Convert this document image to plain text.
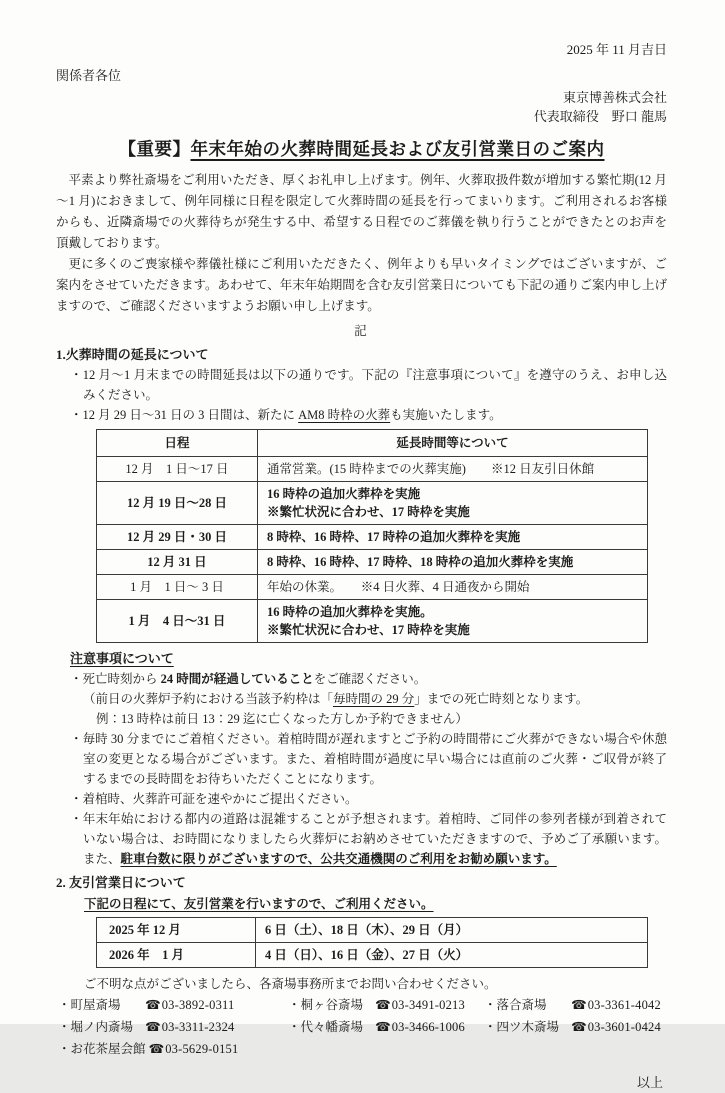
2025 年 11 月吉日
関係者各位
東京博善株式会社
代表取締役　野口 龍馬
【重要】年末年始の火葬時間延長および友引営業日のご案内

平素より弊社斎場をご利用いただき、厚くお礼申し上げます。例年、火葬取扱件数が増加する繁忙期(12 月～1 月)におきまして、例年同様に日程を限定して火葬時間の延長を行ってまいります。ご利用されるお客様からも、近隣斎場での火葬待ちが発生する中、希望する日程でのご葬儀を執り行うことができたとのお声を頂戴しております。

更に多くのご喪家様や葬儀社様にご利用いただきたく、例年よりも早いタイミングではございますが、ご案内をさせていただきます。あわせて、年末年始期間を含む友引営業日についても下記の通りご案内申し上げますので、ご確認くださいますようお願い申し上げます。

記
1.火葬時間の延長について
・12 月～1 月末までの時間延長は以下の通りです。下記の『注意事項について』を遵守のうえ、お申し込みください。
・12 月 29 日～31 日の 3 日間は、新たに AM8 時枠の火葬も実施いたします。
日程	延長時間等について
12 月　1 日～17 日	通常営業。(15 時枠までの火葬実施)　　※12 日友引日休館

12 月 19 日～28 日	16 時枠の追加火葬枠を実施
※繁忙状況に合わせ、17 時枠を実施

12 月 29 日・30 日	8 時枠、16 時枠、17 時枠の追加火葬枠を実施

12 月 31 日	8 時枠、16 時枠、17 時枠、18 時枠の追加火葬枠を実施

1 月　1 日～ 3 日	年始の休業。　　※4 日火葬、4 日通夜から開始

1 月　4 日～31 日	16 時枠の追加火葬枠を実施。
※繁忙状況に合わせ、17 時枠を実施
注意事項について
・死亡時刻から 24 時間が経過していることをご確認ください。
（前日の火葬炉予約における当該予約枠は「毎時間の 29 分」までの死亡時刻となります。
例：13 時枠は前日 13：29 迄に亡くなった方しか予約できません）
・毎時 30 分までにご着棺ください。着棺時間が遅れますとご予約の時間帯にご火葬ができない場合や休憩室の変更となる場合がございます。また、着棺時間が過度に早い場合には直前のご火葬・ご収骨が終了するまでの長時間をお待ちいただくことになります。
・着棺時、火葬許可証を速やかにご提出ください。
・年末年始における都内の道路は混雑することが予想されます。着棺時、ご同伴の参列者様が到着されていない場合は、お時間になりましたら火葬炉にお納めさせていただきますので、予めご了承願います。また、駐車台数に限りがございますので、公共交通機関のご利用をお勧め願います。
2. 友引営業日について
下記の日程にて、友引営業を行いますので、ご利用ください。
2025 年 12 月	6 日（土）、18 日（木）、29 日（月）
2026 年　1 月	4 日（日）、16 日（金）、27 日（火）
ご不明な点がございましたら、各斎場事務所までお問い合わせください。
・町屋斎場 ☎03-3892-0311	・桐ヶ谷斎場 ☎03-3491-0213	・落合斎場 ☎03-3361-4042
・堀ノ内斎場 ☎03-3311-2324	・代々幡斎場 ☎03-3466-1006	・四ツ木斎場 ☎03-3601-0424
・お花茶屋会館 ☎03-5629-0151
以上
